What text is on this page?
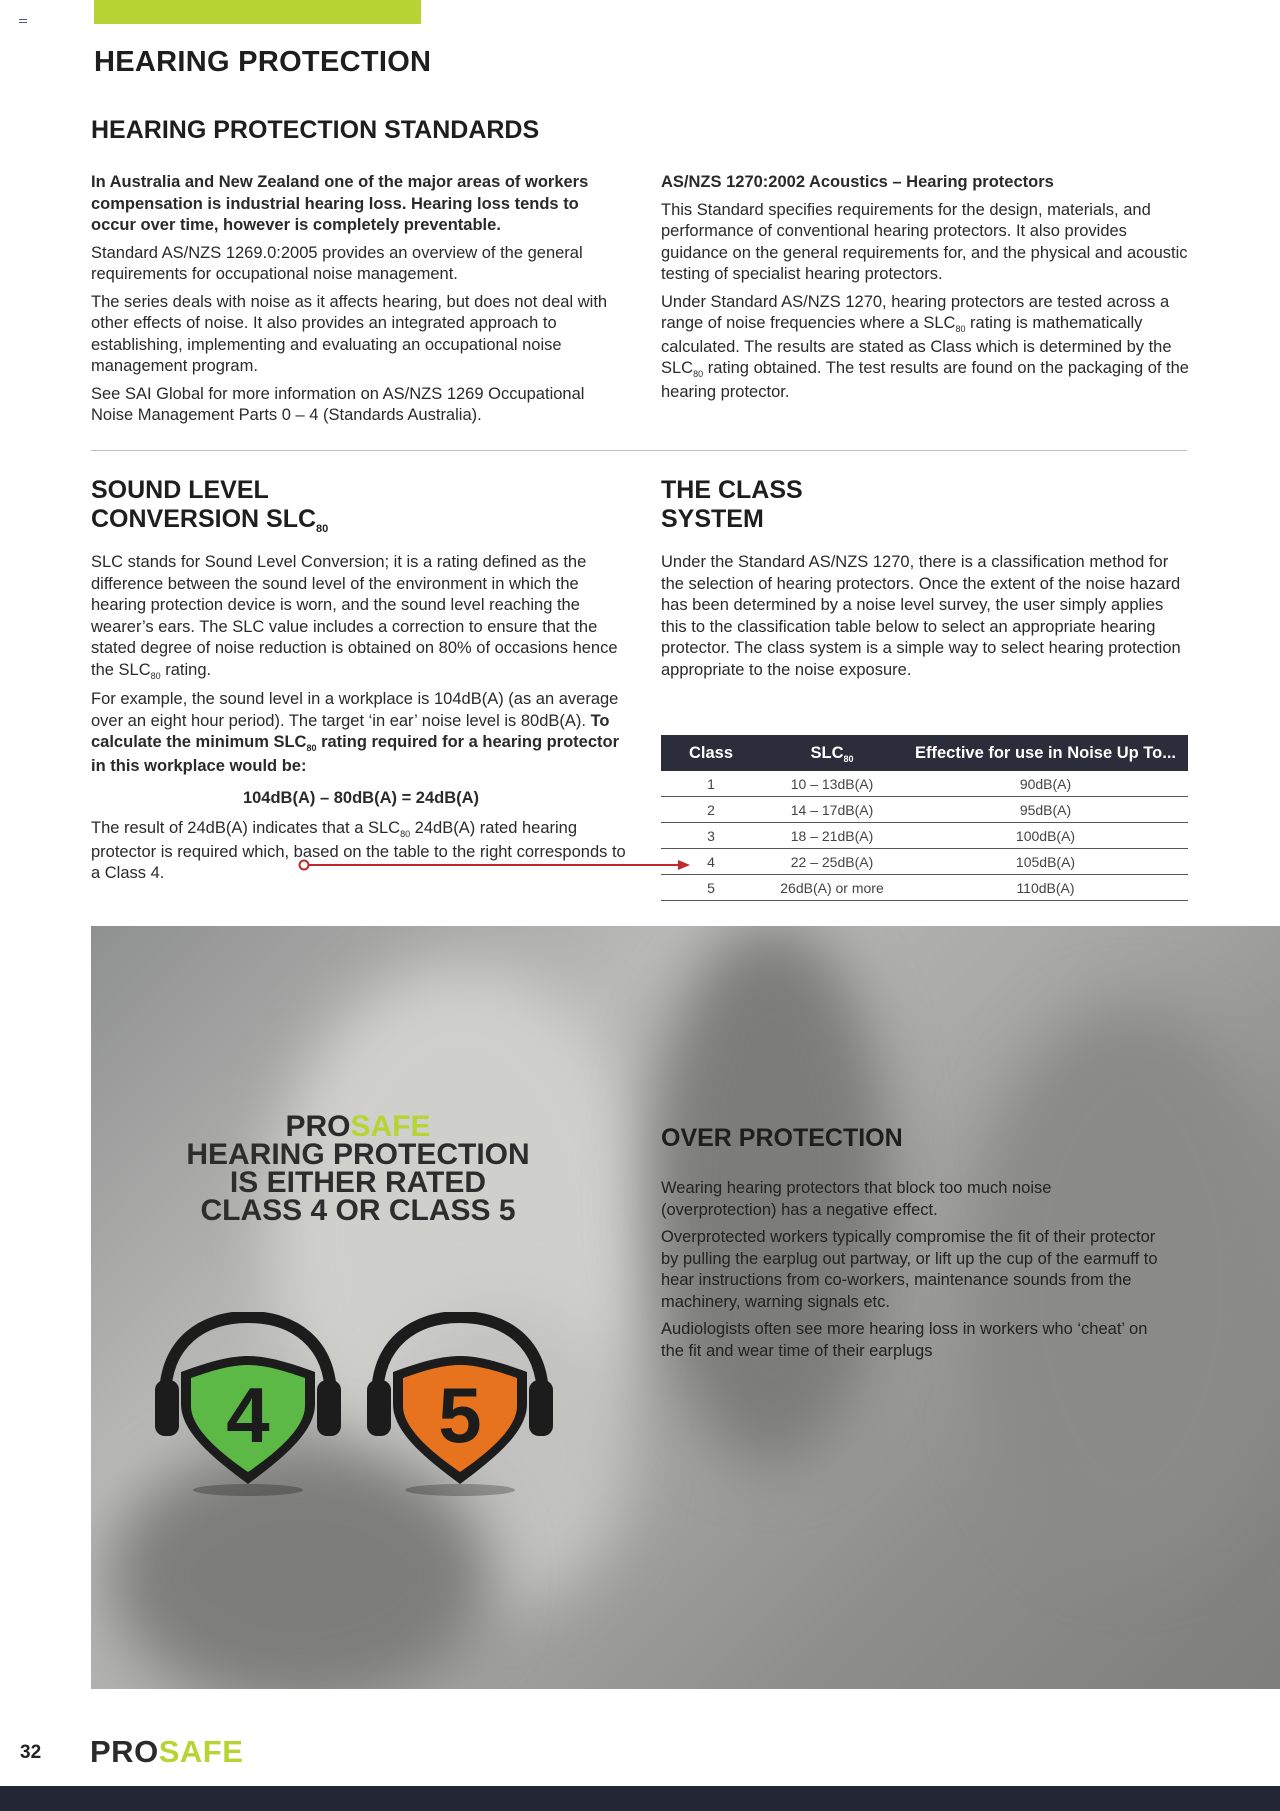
HEARING PROTECTION
HEARING PROTECTION STANDARDS

In Australia and New Zealand one of the major areas of workers compensation is industrial hearing loss. Hearing loss tends to occur over time, however is completely preventable.

Standard AS/NZS 1269.0:2005 provides an overview of the general requirements for occupational noise management.

The series deals with noise as it affects hearing, but does not deal with other effects of noise. It also provides an integrated approach to establishing, implementing and evaluating an occupational noise management program.

See SAI Global for more information on AS/NZS 1269 Occupational Noise Management Parts 0 – 4 (Standards Australia).

AS/NZS 1270:2002 Acoustics – Hearing protectors

This Standard specifies requirements for the design, materials, and performance of conventional hearing protectors. It also provides guidance on the general requirements for, and the physical and acoustic testing of specialist hearing protectors.

Under Standard AS/NZS 1270, hearing protectors are tested across a range of noise frequencies where a $SLC_{80}$ rating is mathematically calculated. The results are stated as Class which is determined by the $SLC_{80}$ rating obtained. The test results are found on the packaging of the hearing protector.

SOUND LEVEL
CONVERSION $SLC_{80}$

SLC stands for Sound Level Conversion; it is a rating defined as the difference between the sound level of the environment in which the hearing protection device is worn, and the sound level reaching the wearer’s ears. The SLC value includes a correction to ensure that the stated degree of noise reduction is obtained on 80% of occasions hence the $SLC_{80}$ rating.

For example, the sound level in a workplace is 104dB(A) (as an average over an eight hour period). The target ‘in ear’ noise level is 80dB(A). To calculate the minimum $SLC_{80}$ rating required for a hearing protector in this workplace would be:

104dB(A) – 80dB(A) = 24dB(A)

The result of 24dB(A) indicates that a $SLC_{80}$ 24dB(A) rated hearing protector is required which, based on the table to the right corresponds to a Class 4.

THE CLASS
SYSTEM

Under the Standard AS/NZS 1270, there is a classification method for the selection of hearing protectors. Once the extent of the noise hazard has been determined by a noise level survey, the user simply applies this to the classification table below to select an appropriate hearing protector. The class system is a simple way to select hearing protection appropriate to the noise exposure.

Class	$SLC_{80}$	Effective for use in Noise Up To...
1	10 – 13dB(A)	90dB(A)
2	14 – 17dB(A)	95dB(A)
3	18 – 21dB(A)	100dB(A)
4	22 – 25dB(A)	105dB(A)
5	26dB(A) or more	110dB(A)
PROSAFE
HEARING PROTECTION
IS EITHER RATED
CLASS 4 OR CLASS 5
4 5
OVER PROTECTION

Wearing hearing protectors that block too much noise (overprotection) has a negative effect.

Overprotected workers typically compromise the fit of their protector by pulling the earplug out partway, or lift up the cup of the earmuff to hear instructions from co-workers, maintenance sounds from the machinery, warning signals etc.

Audiologists often see more hearing loss in workers who ‘cheat’ on the fit and wear time of their earplugs

32 PROSAFE
